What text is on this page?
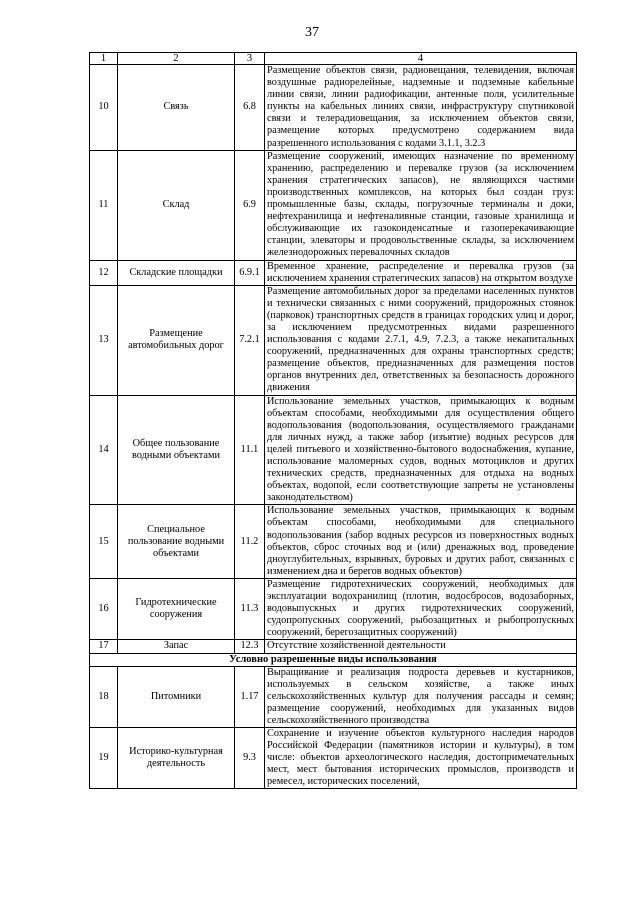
37
1	2	3	4
10	Связь	6.8	Размещение объектов связи, радиовещания, телевидения, включая воздушные радиорелейные, надземные и подземные кабельные линии связи, линии радиофикации, антенные поля, усилительные пункты на кабельных линиях связи, инфраструктуру спутниковой связи и телерадиовещания, за исключением объектов связи, размещение которых предусмотрено содержанием вида разрешенного использования с кодами 3.1.1, 3.2.3
11	Склад	6.9	Размещение сооружений, имеющих назначение по временному хранению, распределению и перевалке грузов (за исключением хранения стратегических запасов), не являющихся частями производственных комплексов, на которых был создан груз: промышленные базы, склады, погрузочные терминалы и доки, нефтехранилища и нефтеналивные станции, газовые хранилища и обслуживающие их газоконденсатные и газоперекачивающие станции, элеваторы и продовольственные склады, за исключением железнодорожных перевалочных складов
12	Складские площадки	6.9.1	Временное хранение, распределение и перевалка грузов (за исключением хранения стратегических запасов) на открытом воздухе
13	Размещение автомобильных дорог	7.2.1	Размещение автомобильных дорог за пределами населенных пунктов и технически связанных с ними сооружений, придорожных стоянок (парковок) транспортных средств в границах городских улиц и дорог, за исключением предусмотренных видами разрешенного использования с кодами 2.7.1, 4.9, 7.2.3, а также некапитальных сооружений, предназначенных для охраны транспортных средств; размещение объектов, предназначенных для размещения постов органов внутренних дел, ответственных за безопасность дорожного движения
14	Общее пользование водными объектами	11.1	Использование земельных участков, примыкающих к водным объектам способами, необходимыми для осуществления общего водопользования (водопользования, осуществляемого гражданами для личных нужд, а также забор (изъятие) водных ресурсов для целей питьевого и хозяйственно-бытового водоснабжения, купание, использование маломерных судов, водных мотоциклов и других технических средств, предназначенных для отдыха на водных объектах, водопой, если соответствующие запреты не установлены законодательством)
15	Специальное пользование водными объектами	11.2	Использование земельных участков, примыкающих к водным объектам способами, необходимыми для специального водопользования (забор водных ресурсов из поверхностных водных объектов, сброс сточных вод и (или) дренажных вод, проведение дноуглубительных, взрывных, буровых и других работ, связанных с изменением дна и берегов водных объектов)
16	Гидротехнические сооружения	11.3	Размещение гидротехнических сооружений, необходимых для эксплуатации водохранилищ (плотин, водосбросов, водозаборных, водовыпускных и других гидротехнических сооружений, судопропускных сооружений, рыбозащитных и рыбопропускных сооружений, берегозащитных сооружений)
17	Запас	12.3	Отсутствие хозяйственной деятельности
Условно разрешенные виды использования			
18	Питомники	1.17	Выращивание и реализация подроста деревьев и кустарников, используемых в сельском хозяйстве, а также иных сельскохозяйственных культур для получения рассады и семян; размещение сооружений, необходимых для указанных видов сельскохозяйственного производства
19	Историко-культурная деятельность	9.3	Сохранение и изучение объектов культурного наследия народов Российской Федерации (памятников истории и культуры), в том числе: объектов археологического наследия, достопримечательных мест, мест бытования исторических промыслов, производств и ремесел, исторических поселений,
